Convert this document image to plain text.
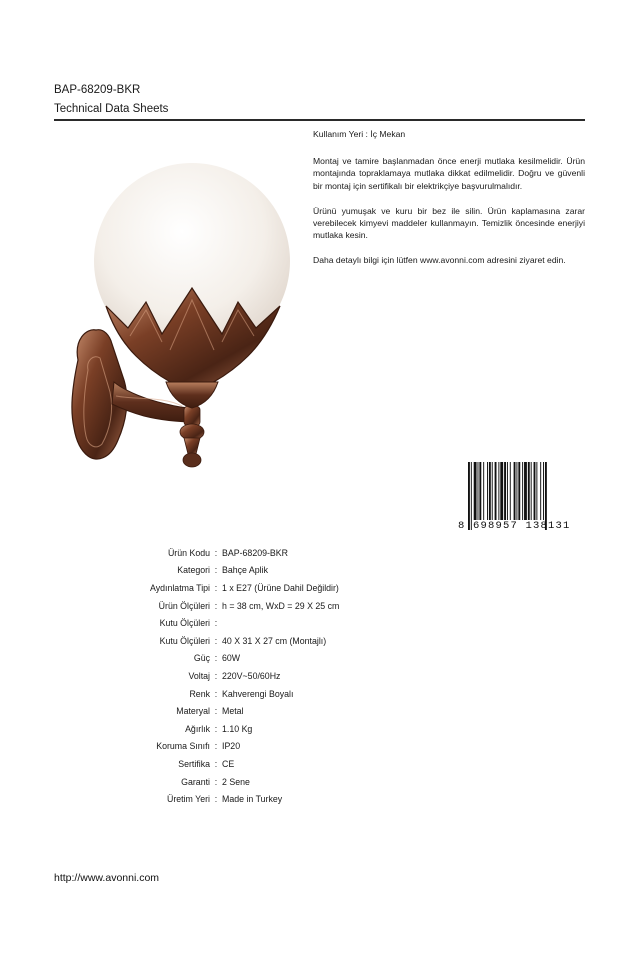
BAP-68209-BKR
Technical Data Sheets

Kullanım Yeri : İç Mekan

Montaj ve tamire başlanmadan önce enerji mutlaka kesilmelidir. Ürün montajında topraklamaya mutlaka dikkat edilmelidir. Doğru ve güvenli bir montaj için sertifikalı bir elektrikçiye başvurulmalıdır.

Ürünü yumuşak ve kuru bir bez ile silin. Ürün kaplamasına zarar verebilecek kimyevi maddeler kullanmayın. Temizlik öncesinde enerjiyi mutlaka kesin.

Daha detaylı bilgi için lütfen www.avonni.com adresini ziyaret edin.

8 698957 138131
Ürün Kodu : BAP-68209-BKR
Kategori : Bahçe Aplik
Aydınlatma Tipi : 1 x E27 (Ürüne Dahil Değildir)
Ürün Ölçüleri : h = 38 cm, WxD = 29 X 25 cm
Kutu Ölçüleri :
Kutu Ölçüleri : 40 X 31 X 27 cm (Montajlı)
Güç : 60W
Voltaj : 220V~50/60Hz
Renk : Kahverengi Boyalı
Materyal : Metal
Ağırlık : 1.10 Kg
Koruma Sınıfı : IP20
Sertifika : CE
Garanti : 2 Sene
Üretim Yeri : Made in Turkey
http://www.avonni.com
